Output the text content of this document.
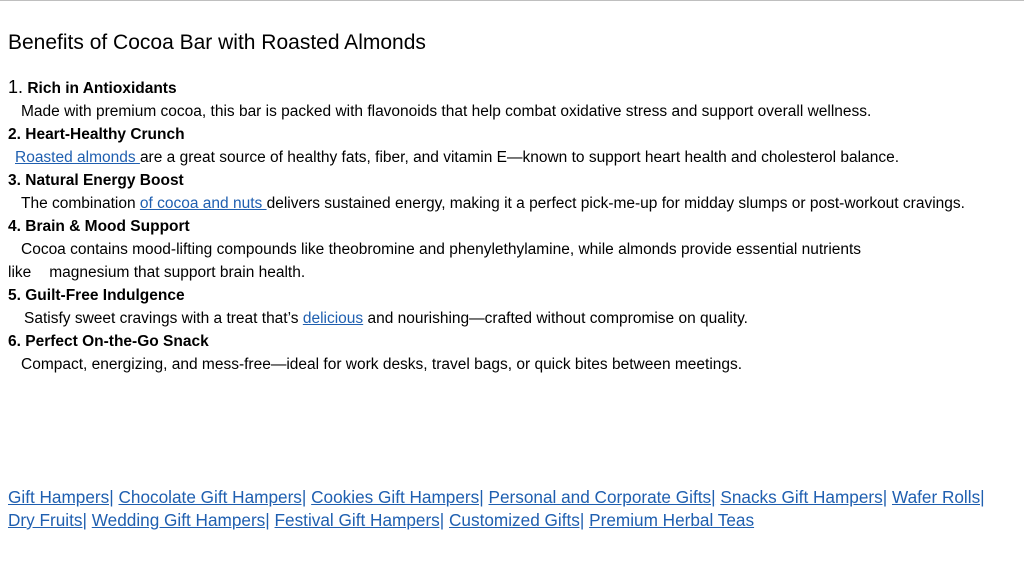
Benefits of Cocoa Bar with Roasted Almonds
1. Rich in Antioxidants
Made with premium cocoa, this bar is packed with flavonoids that help combat oxidative stress and support overall wellness.
2. Heart-Healthy Crunch
Roasted almonds are a great source of healthy fats, fiber, and vitamin E—known to support heart health and cholesterol balance.
3. Natural Energy Boost
The combination of cocoa and nuts delivers sustained energy, making it a perfect pick-me-up for midday slumps or post-workout cravings.
4. Brain & Mood Support
Cocoa contains mood-lifting compounds like theobromine and phenylethylamine, while almonds provide essential nutrients
like magnesium that support brain health.
5. Guilt-Free Indulgence
Satisfy sweet cravings with a treat that’s delicious and nourishing—crafted without compromise on quality.
6. Perfect On-the-Go Snack
Compact, energizing, and mess-free—ideal for work desks, travel bags, or quick bites between meetings.
Gift Hampers| Chocolate Gift Hampers| Cookies Gift Hampers| Personal and Corporate Gifts| Snacks Gift Hampers| Wafer Rolls| Dry Fruits| Wedding Gift Hampers| Festival Gift Hampers| Customized Gifts| Premium Herbal Teas
